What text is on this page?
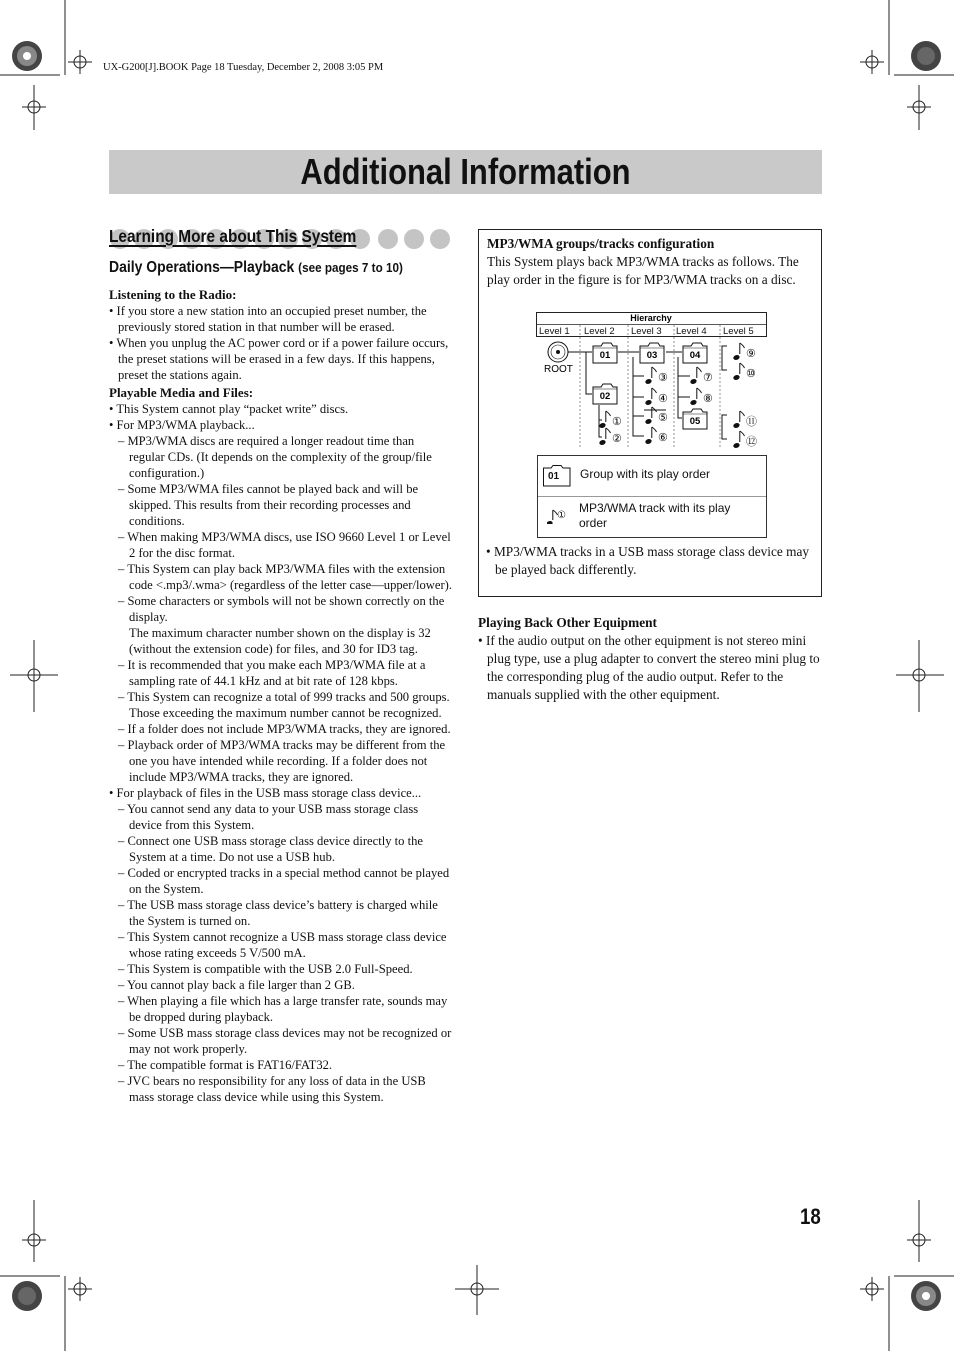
UX-G200[J].BOOK Page 18 Tuesday, December 2, 2008 3:05 PM
Additional Information
Learning More about This System
Daily Operations—Playback (see pages 7 to 10)
Listening to the Radio:
• If you store a new station into an occupied preset number, the previously stored station in that number will be erased.
• When you unplug the AC power cord or if a power failure occurs, the preset stations will be erased in a few days. If this happens, preset the stations again.
Playable Media and Files:
• This System cannot play “packet write” discs.
• For MP3/WMA playback...
– MP3/WMA discs are required a longer readout time than regular CDs. (It depends on the complexity of the group/file configuration.)
– Some MP3/WMA files cannot be played back and will be skipped. This results from their recording processes and conditions.
– When making MP3/WMA discs, use ISO 9660 Level 1 or Level 2 for the disc format.
– This System can play back MP3/WMA files with the extension code <.mp3/.wma> (regardless of the letter case—upper/lower).
– Some characters or symbols will not be shown correctly on the display.
The maximum character number shown on the display is 32 (without the extension code) for files, and 30 for ID3 tag.
– It is recommended that you make each MP3/WMA file at a sampling rate of 44.1 kHz and at bit rate of 128 kbps.
– This System can recognize a total of 999 tracks and 500 groups. Those exceeding the maximum number cannot be recognized.
– If a folder does not include MP3/WMA tracks, they are ignored.
– Playback order of MP3/WMA tracks may be different from the one you have intended while recording. If a folder does not include MP3/WMA tracks, they are ignored.
• For playback of files in the USB mass storage class device...
– You cannot send any data to your USB mass storage class device from this System.
– Connect one USB mass storage class device directly to the System at a time. Do not use a USB hub.
– Coded or encrypted tracks in a special method cannot be played on the System.
– The USB mass storage class device’s battery is charged while the System is turned on.
– This System cannot recognize a USB mass storage class device whose rating exceeds 5 V/500 mA.
– This System is compatible with the USB 2.0 Full-Speed.
– You cannot play back a file larger than 2 GB.
– When playing a file which has a large transfer rate, sounds may be dropped during playback.
– Some USB mass storage class devices may not be recognized or may not work properly.
– The compatible format is FAT16/FAT32.
– JVC bears no responsibility for any loss of data in the USB mass storage class device while using this System.
MP3/WMA groups/tracks configuration
This System plays back MP3/WMA tracks as follows. The play order in the figure is for MP3/WMA tracks on a disc.
Hierarchy
Level 1 Level 2 Level 3 Level 4 Level 5
ROOT
01
02
03	04
05
①
②
③
④
⑤
⑥
⑦
⑧
⑨
⑩
⑪
⑫
01 Group with its play order
①
MP3/WMA track with its play order
• MP3/WMA tracks in a USB mass storage class device may be played back differently.
Playing Back Other Equipment
• If the audio output on the other equipment is not stereo mini plug type, use a plug adapter to convert the stereo mini plug to the corresponding plug of the audio output. Refer to the manuals supplied with the other equipment.
18
